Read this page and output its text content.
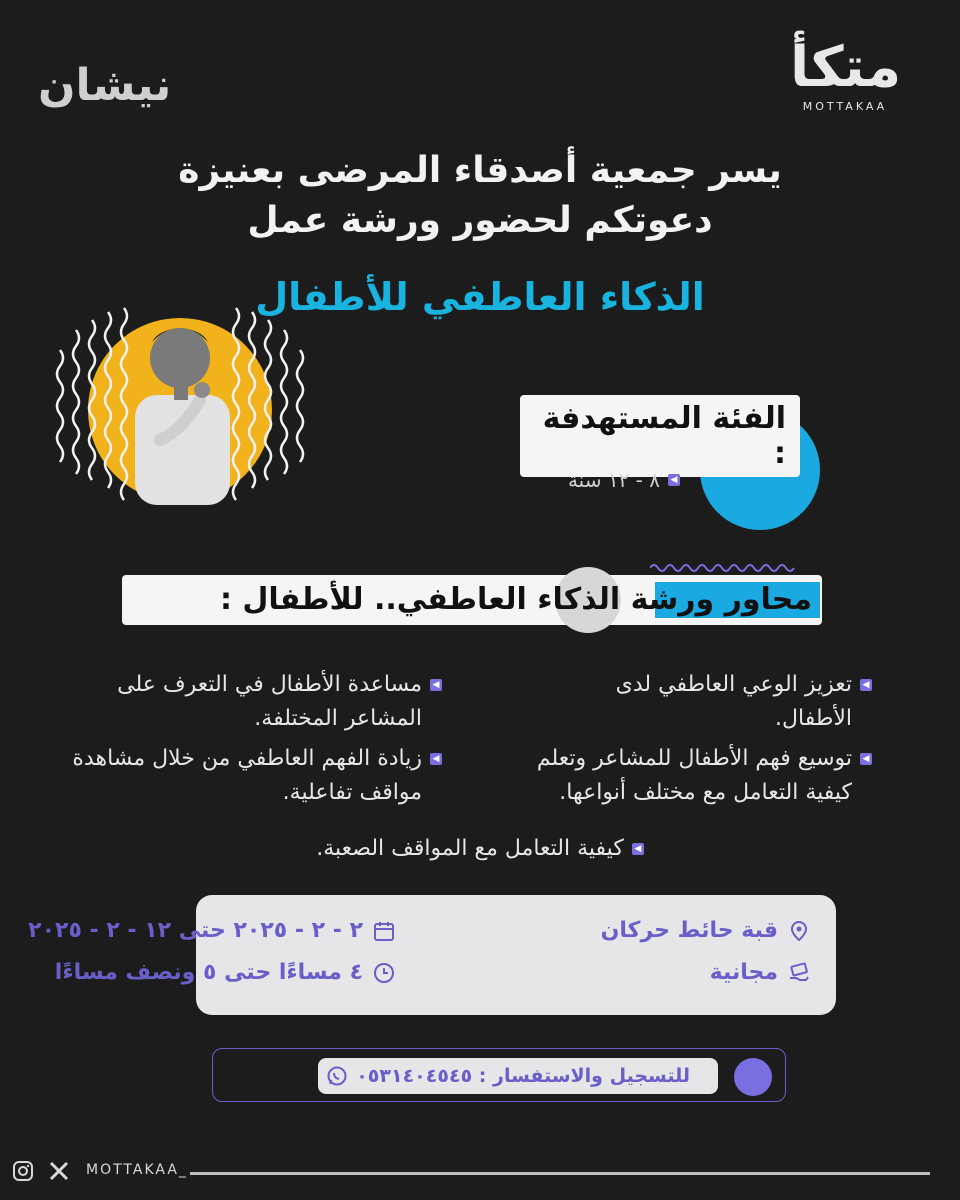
نيشان	متكأ
MOTTAKAA
يسر جمعية أصدقاء المرضى بعنيزة
دعوتكم لحضور ورشة عمل
الذكاء العاطفي للأطفال
الفئة المستهدفة :
◀
٨ - ١٢ سنة
محاور ورشة الذكاء العاطفي.. للأطفال :
◀
مساعدة الأطفال في التعرف على المشاعر المختلفة.
◀
تعزيز الوعي العاطفي لدى الأطفال.
◀
زيادة الفهم العاطفي من خلال مشاهدة مواقف تفاعلية.
◀
توسيع فهم الأطفال للمشاعر وتعلم كيفية التعامل مع مختلف أنواعها.
◀
كيفية التعامل مع المواقف الصعبة.
٢ - ٢ - ٢٠٢٥ حتى ١٢ - ٢ - ٢٠٢٥
٤ مساءًا حتى ٥ ونصف مساءًا
قبة حائط حركان
مجانية
للتسجيل والاستفسار : ٠٥٣١٤٠٤٥٤٥
MOTTAKAA_
